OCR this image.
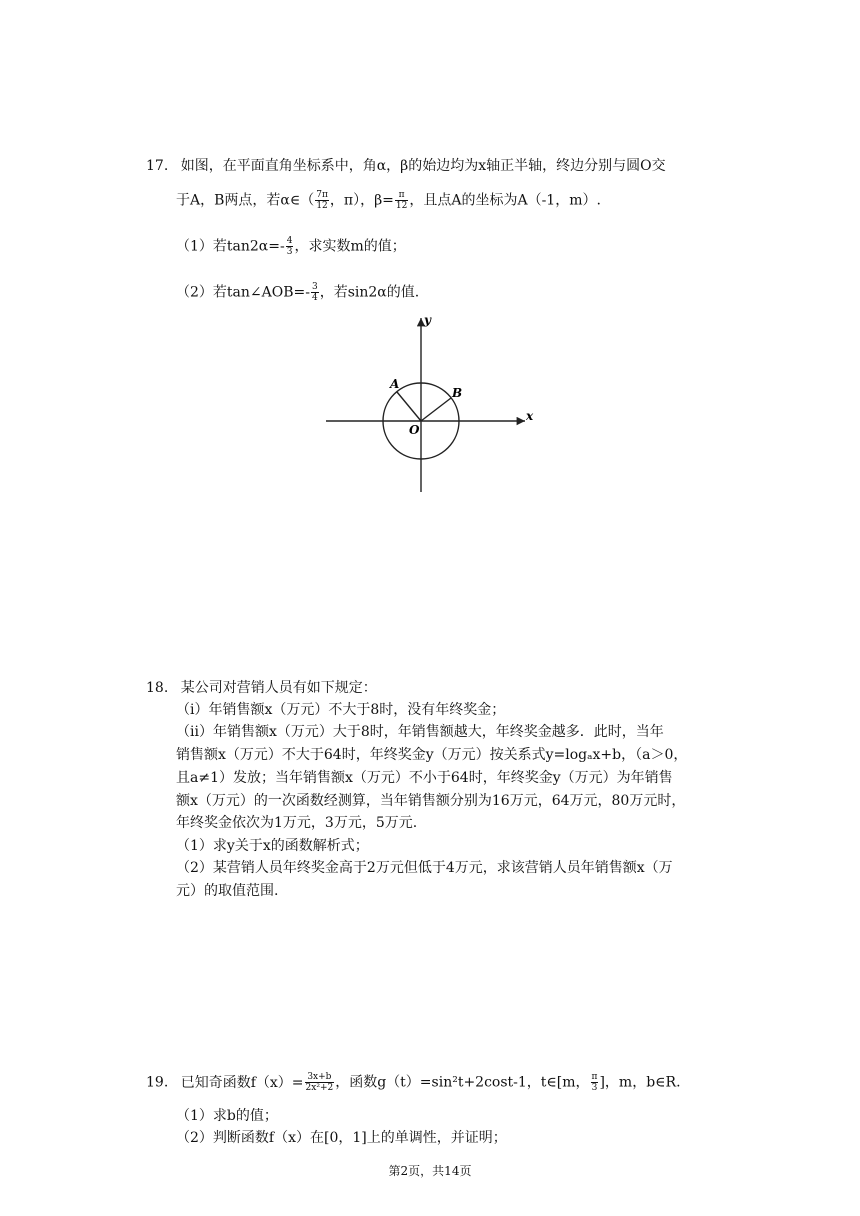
17. 如图，在平面直角坐标系中，角α，β的始边均为x轴正半轴，终边分别与圆O交
于A，B两点，若α∈（ $\frac{7\pi}{12}$ ，π），$\beta= \frac{\pi}{12}$ ，且点A的坐标为A（-1，m）.
（1）若$\tan 2\alpha=- \frac{4}{3}$ ，求实数m的值；
（2）若tan∠AOB=- $\frac{3}{4}$ ，若sin2α的值.
y
x
A
B
O
18. 某公司对营销人员有如下规定：
（i）年销售额x（万元）不大于8时，没有年终奖金；
（ii）年销售额x（万元）大于8时，年销售额越大，年终奖金越多．此时，当年
销售额x（万元）不大于64时，年终奖金y（万元）按关系式y=logₐx+b，（a＞0，
且a≠1）发放；当年销售额x（万元）不小于64时，年终奖金y（万元）为年销售
额x（万元）的一次函数经测算，当年销售额分别为16万元，64万元，80万元时，
年终奖金依次为1万元，3万元，5万元.
（1）求y关于x的函数解析式；
（2）某营销人员年终奖金高于2万元但低于4万元，求该营销人员年销售额x（万
元）的取值范围.
19. 已知奇函数$f(x)= \frac{3x+b}{\text{2x²+2}}$ ，函数g（t）=sin²t+2cost-1，t∈[m， $\frac{\pi}{3}$ ]，m，b∈R.
（1）求b的值；
（2）判断函数f（x）在[0，1]上的单调性，并证明；
第2页，共14页
